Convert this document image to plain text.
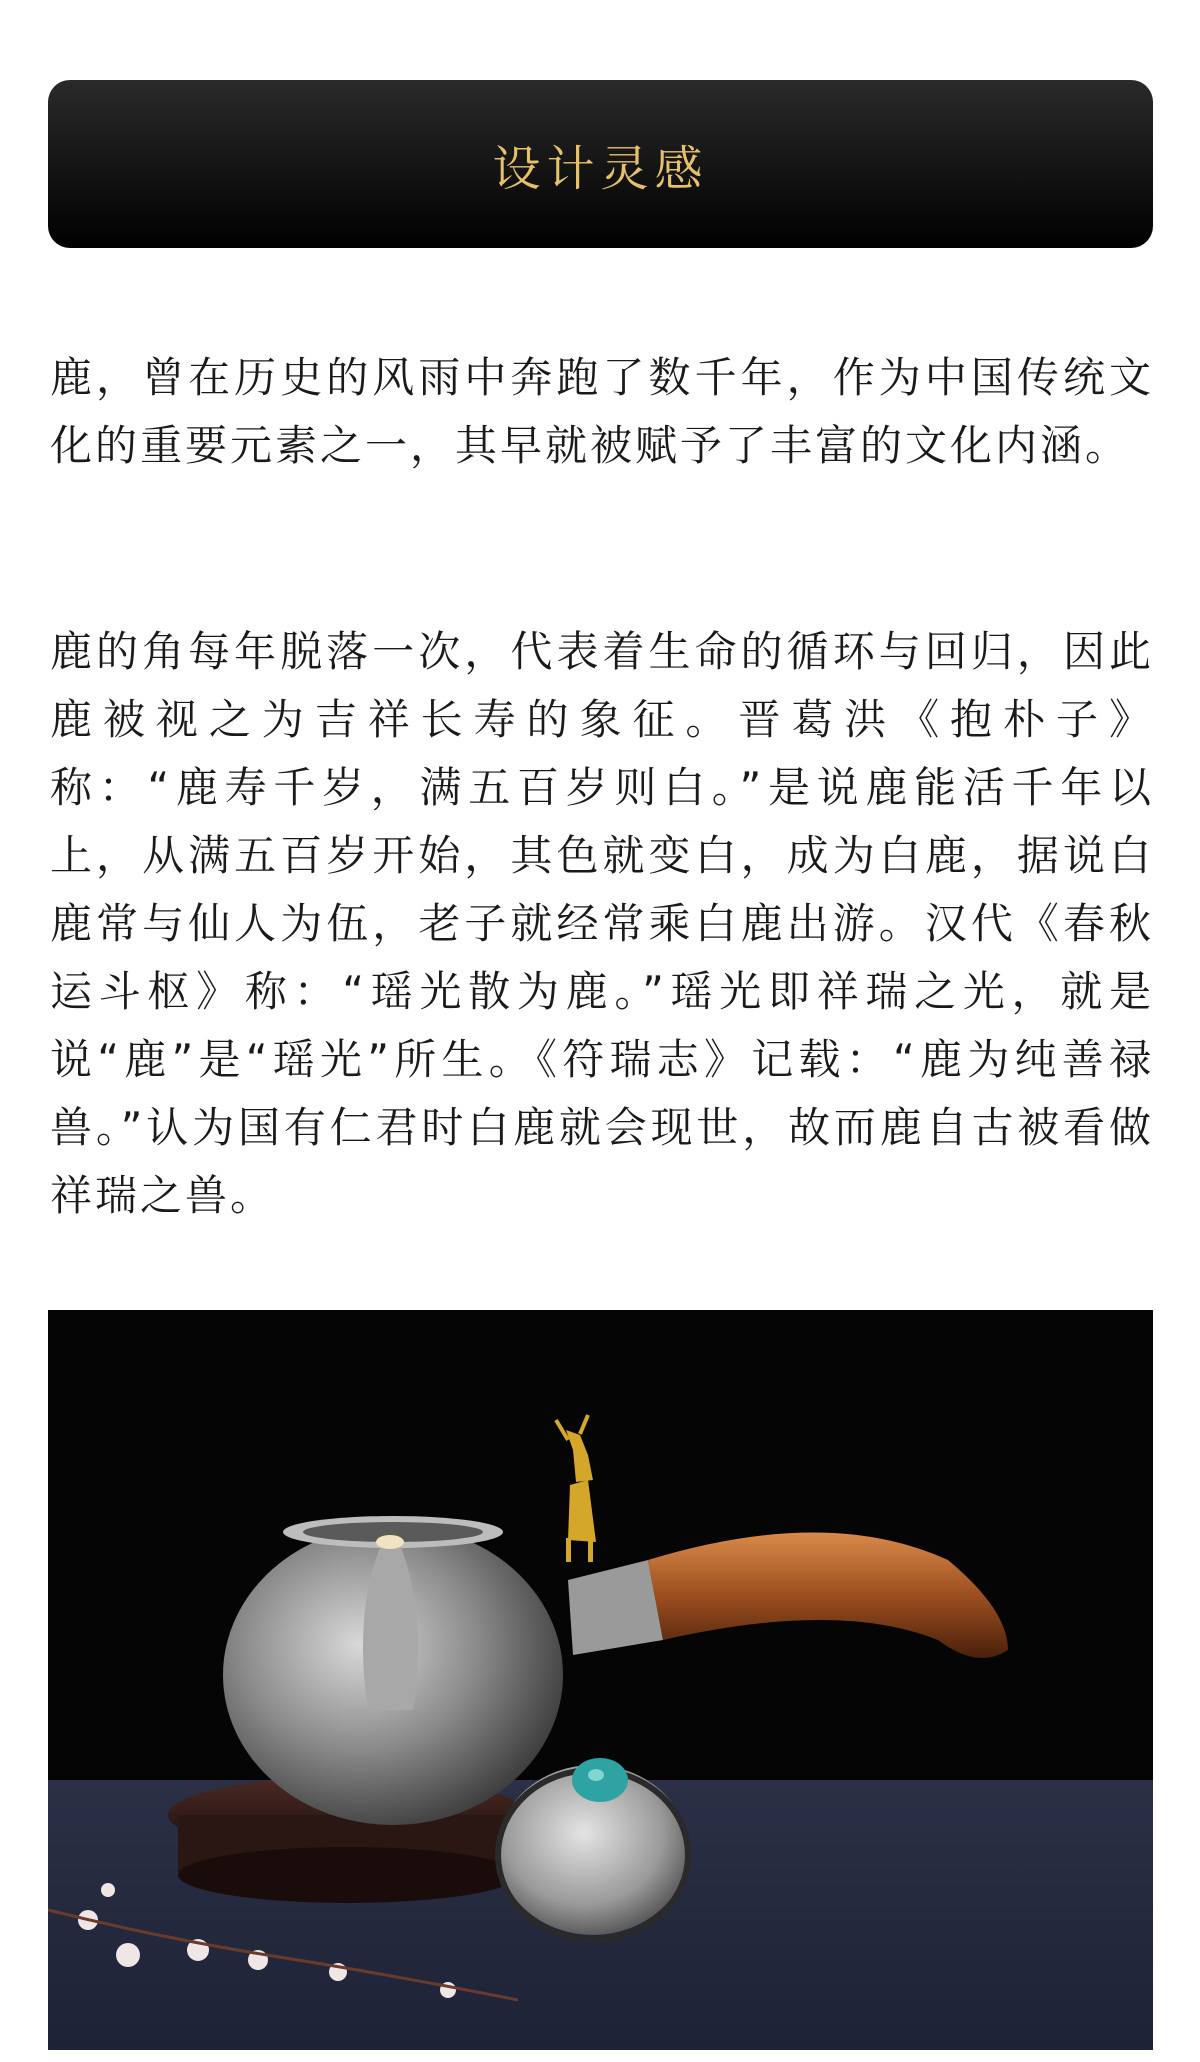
设计灵感

鹿，曾在历史的风雨中奔跑了数千年，作为中国传统文化的重要元素之一，其早就被赋予了丰富的文化内涵。

鹿的角每年脱落一次，代表着生命的循环与回归，因此鹿被视之为吉祥长寿的象征。晋葛洪《抱朴子》称：“鹿寿千岁，满五百岁则白。”是说鹿能活千年以上，从满五百岁开始，其色就变白，成为白鹿，据说白鹿常与仙人为伍，老子就经常乘白鹿出游。汉代《春秋运斗枢》称：“瑶光散为鹿。”瑶光即祥瑞之光，就是说“鹿”是“瑶光”所生。《符瑞志》记载：“鹿为纯善禄兽。”认为国有仁君时白鹿就会现世，故而鹿自古被看做祥瑞之兽。
